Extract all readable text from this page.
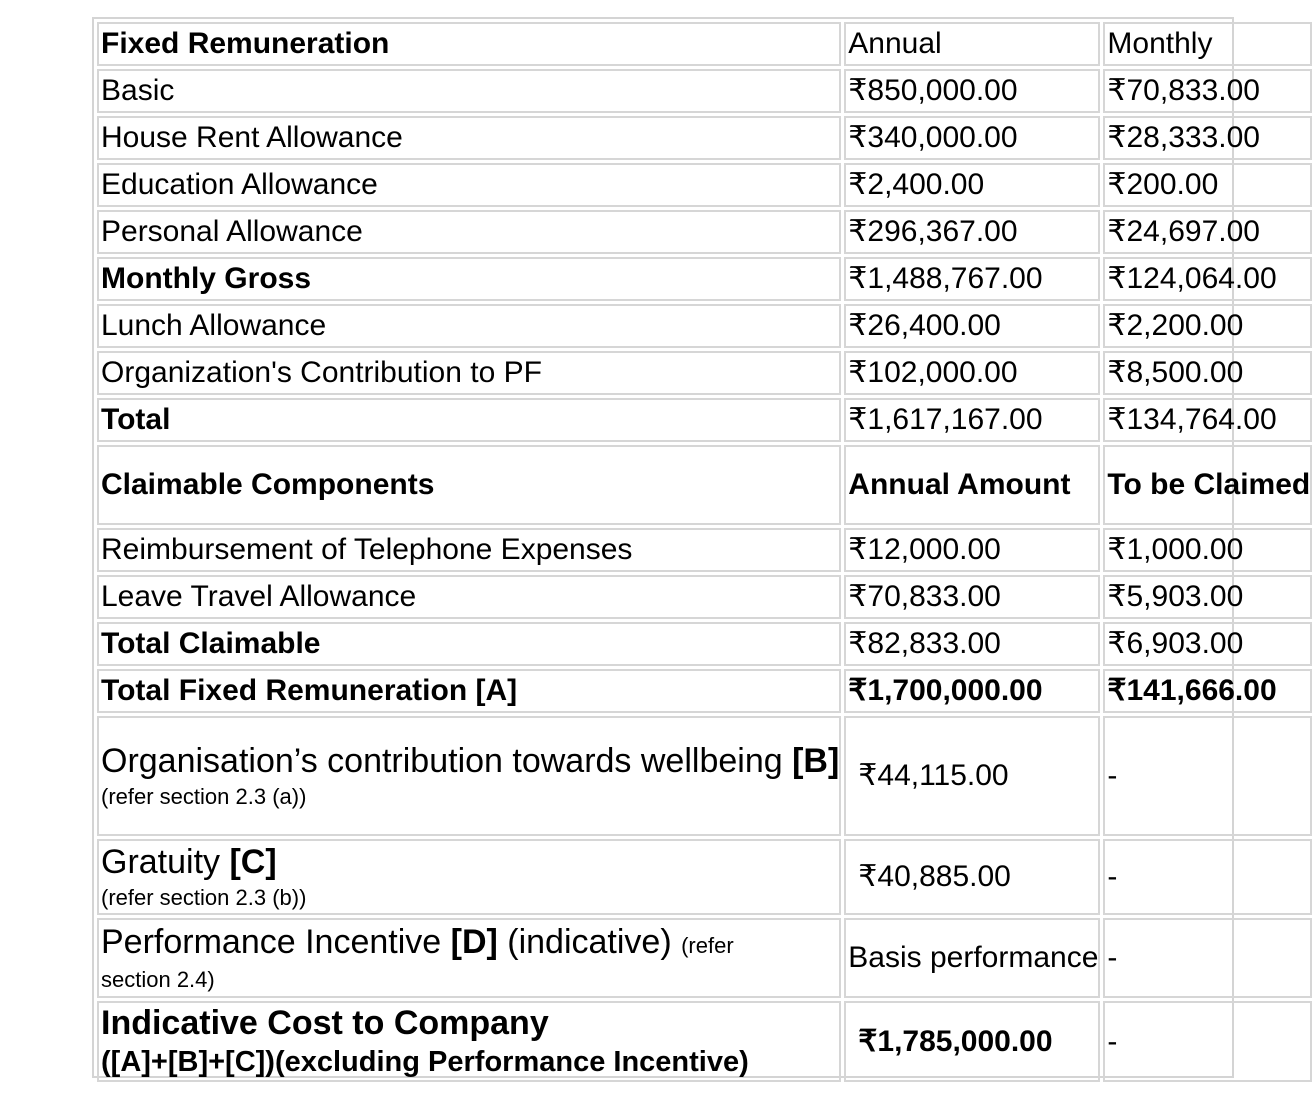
Fixed Remuneration	Annual	Monthly
Basic	₹850,000.00	₹70,833.00
House Rent Allowance	₹340,000.00	₹28,333.00
Education Allowance	₹2,400.00	₹200.00
Personal Allowance	₹296,367.00	₹24,697.00
Monthly Gross	₹1,488,767.00	₹124,064.00
Lunch Allowance	₹26,400.00	₹2,200.00
Organization's Contribution to PF	₹102,000.00	₹8,500.00
Total	₹1,617,167.00	₹134,764.00
Claimable Components	Annual Amount	To be Claimed
Reimbursement of Telephone Expenses	₹12,000.00	₹1,000.00
Leave Travel Allowance	₹70,833.00	₹5,903.00
Total Claimable	₹82,833.00	₹6,903.00
Total Fixed Remuneration [A]	₹1,700,000.00	₹141,666.00
Organisation’s contribution towards wellbeing [B]
(refer section 2.3 (a))	₹44,115.00	-
Gratuity [C]
(refer section 2.3 (b))	₹40,885.00	-
Performance Incentive [D] (indicative) (refer
section 2.4)	Basis performance	-

Indicative Cost to Company
([A]+[B]+[C])(excluding Performance Incentive)	₹1,785,000.00	-
